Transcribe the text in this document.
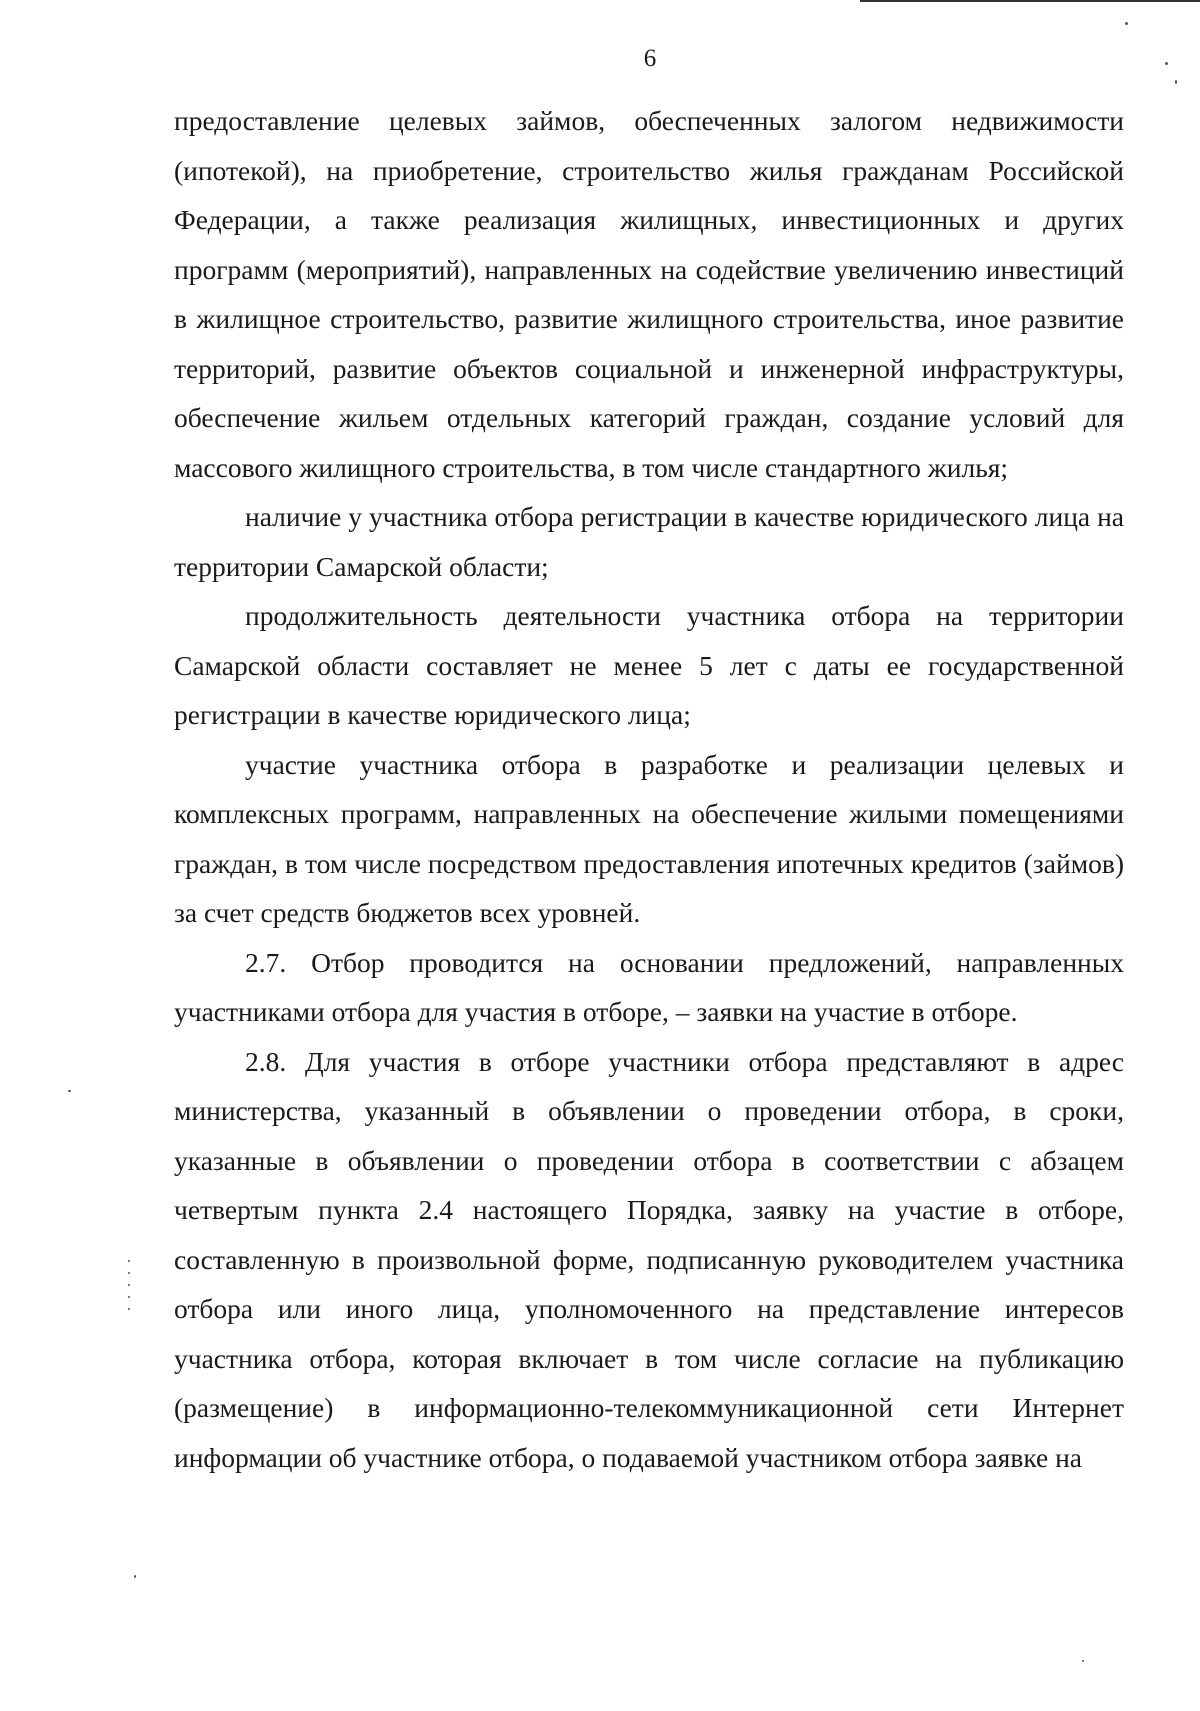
6

предоставление целевых займов, обеспеченных залогом недвижимости (ипотекой), на приобретение, строительство жилья гражданам Российской Федерации, а также реализация жилищных, инвестиционных и других программ (мероприятий), направленных на содействие увеличению инвестиций в жилищное строительство, развитие жилищного строительства, иное развитие территорий, развитие объектов социальной и инженерной инфраструктуры, обеспечение жильем отдельных категорий граждан, создание условий для массового жилищного строительства, в том числе стандартного жилья;

наличие у участника отбора регистрации в качестве юридического лица на территории Самарской области;

продолжительность деятельности участника отбора на территории Самарской области составляет не менее 5 лет с даты ее государственной регистрации в качестве юридического лица;

участие участника отбора в разработке и реализации целевых и комплексных программ, направленных на обеспечение жилыми помещениями граждан, в том числе посредством предоставления ипотечных кредитов (займов) за счет средств бюджетов всех уровней.

2.7. Отбор проводится на основании предложений, направленных участниками отбора для участия в отборе, – заявки на участие в отборе.

2.8. Для участия в отборе участники отбора представляют в адрес министерства, указанный в объявлении о проведении отбора, в сроки, указанные в объявлении о проведении отбора в соответствии с абзацем четвертым пункта 2.4 настоящего Порядка, заявку на участие в отборе, составленную в произвольной форме, подписанную руководителем участника отбора или иного лица, уполномоченного на представление интересов участника отбора, которая включает в том числе согласие на публикацию (размещение) в информационно-телекоммуникационной сети Интернет информации об участнике отбора, о подаваемой участником отбора заявке на
